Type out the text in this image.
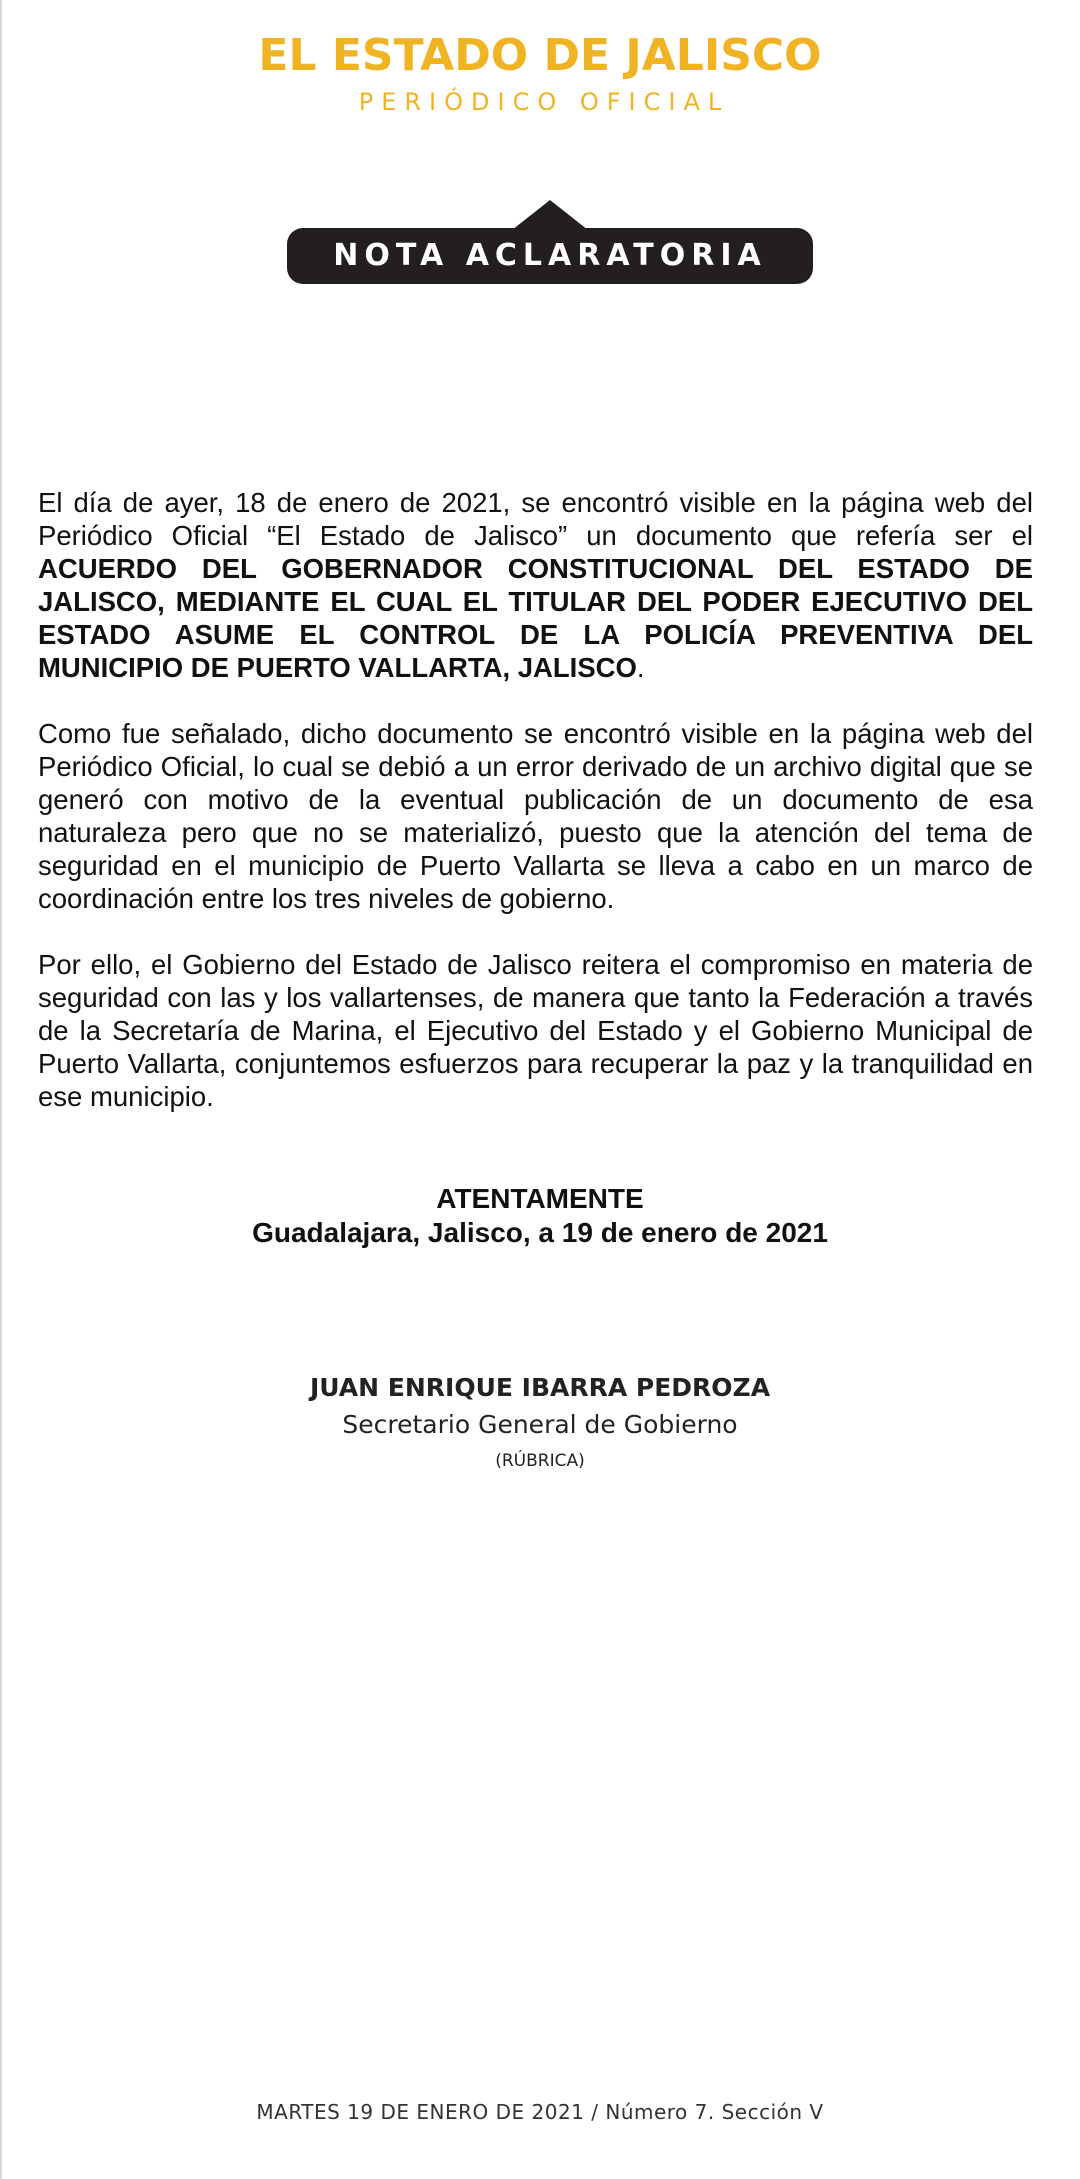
EL ESTADO DE JALISCO
PERIÓDICO OFICIAL
NOTA ACLARATORIA

El día de ayer, 18 de enero de 2021, se encontró visible en la página web del Periódico Oficial “El Estado de Jalisco” un documento que refería ser el ACUERDO DEL GOBERNADOR CONSTITUCIONAL DEL ESTADO DE JALISCO, MEDIANTE EL CUAL EL TITULAR DEL PODER EJECUTIVO DEL ESTADO ASUME EL CONTROL DE LA POLICÍA PREVENTIVA DEL MUNICIPIO DE PUERTO VALLARTA, JALISCO.

Como fue señalado, dicho documento se encontró visible en la página web del Periódico Oficial, lo cual se debió a un error derivado de un archivo digital que se generó con motivo de la eventual publicación de un documento de esa naturaleza pero que no se materializó, puesto que la atención del tema de seguridad en el municipio de Puerto Vallarta se lleva a cabo en un marco de coordinación entre los tres niveles de gobierno.

Por ello, el Gobierno del Estado de Jalisco reitera el compromiso en materia de seguridad con las y los vallartenses, de manera que tanto la Federación a través de la Secretaría de Marina, el Ejecutivo del Estado y el Gobierno Municipal de Puerto Vallarta, conjuntemos esfuerzos para recuperar la paz y la tranquilidad en ese municipio.

ATENTAMENTE
Guadalajara, Jalisco, a 19 de enero de 2021
JUAN ENRIQUE IBARRA PEDROZA
Secretario General de Gobierno
(RÚBRICA)
MARTES 19 DE ENERO DE 2021 / Número 7. Sección V
